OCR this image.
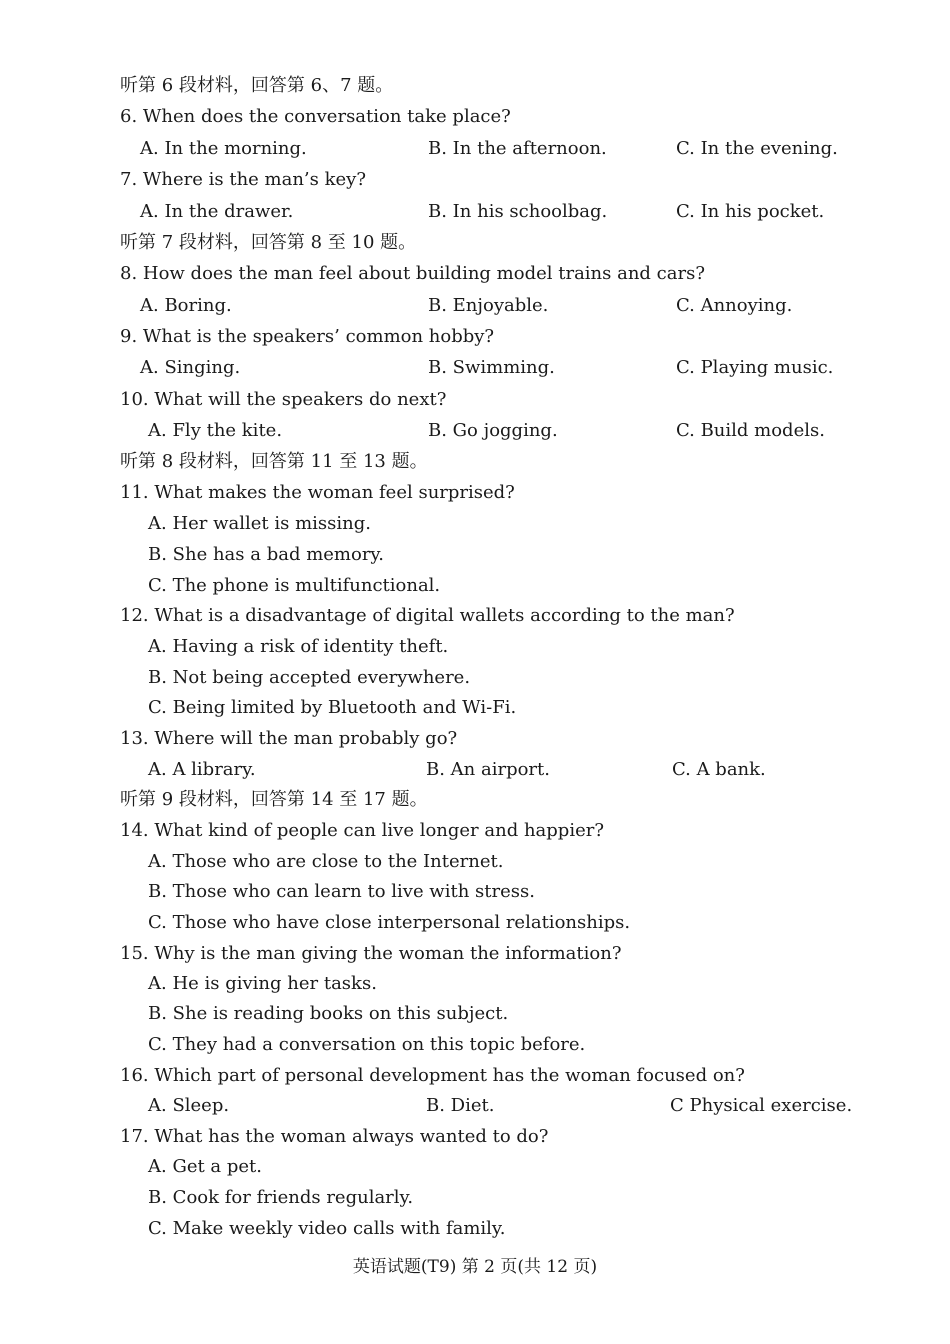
听第 6 段材料，回答第 6、7 题。
6. When does the conversation take place?
A. In the morning.	B. In the afternoon.	C. In the evening.
7. Where is the man’s key?
A. In the drawer.	B. In his schoolbag.	C. In his pocket.
听第 7 段材料，回答第 8 至 10 题。
8. How does the man feel about building model trains and cars?
A. Boring.	B. Enjoyable.	C. Annoying.
9. What is the speakers’ common hobby?
A. Singing.	B. Swimming.	C. Playing music.
10. What will the speakers do next?
A. Fly the kite.	B. Go jogging.	C. Build models.
听第 8 段材料，回答第 11 至 13 题。
11. What makes the woman feel surprised?
A. Her wallet is missing.
B. She has a bad memory.
C. The phone is multifunctional.
12. What is a disadvantage of digital wallets according to the man?
A. Having a risk of identity theft.
B. Not being accepted everywhere.
C. Being limited by Bluetooth and Wi-Fi.
13. Where will the man probably go?
A. A library.	B. An airport.	C. A bank.
听第 9 段材料，回答第 14 至 17 题。
14. What kind of people can live longer and happier?
A. Those who are close to the Internet.
B. Those who can learn to live with stress.
C. Those who have close interpersonal relationships.
15. Why is the man giving the woman the information?
A. He is giving her tasks.
B. She is reading books on this subject.
C. They had a conversation on this topic before.
16. Which part of personal development has the woman focused on?
A. Sleep.	B. Diet.	C Physical exercise.
17. What has the woman always wanted to do?
A. Get a pet.
B. Cook for friends regularly.
C. Make weekly video calls with family.
英语试题(T9) 第 2 页(共 12 页)
